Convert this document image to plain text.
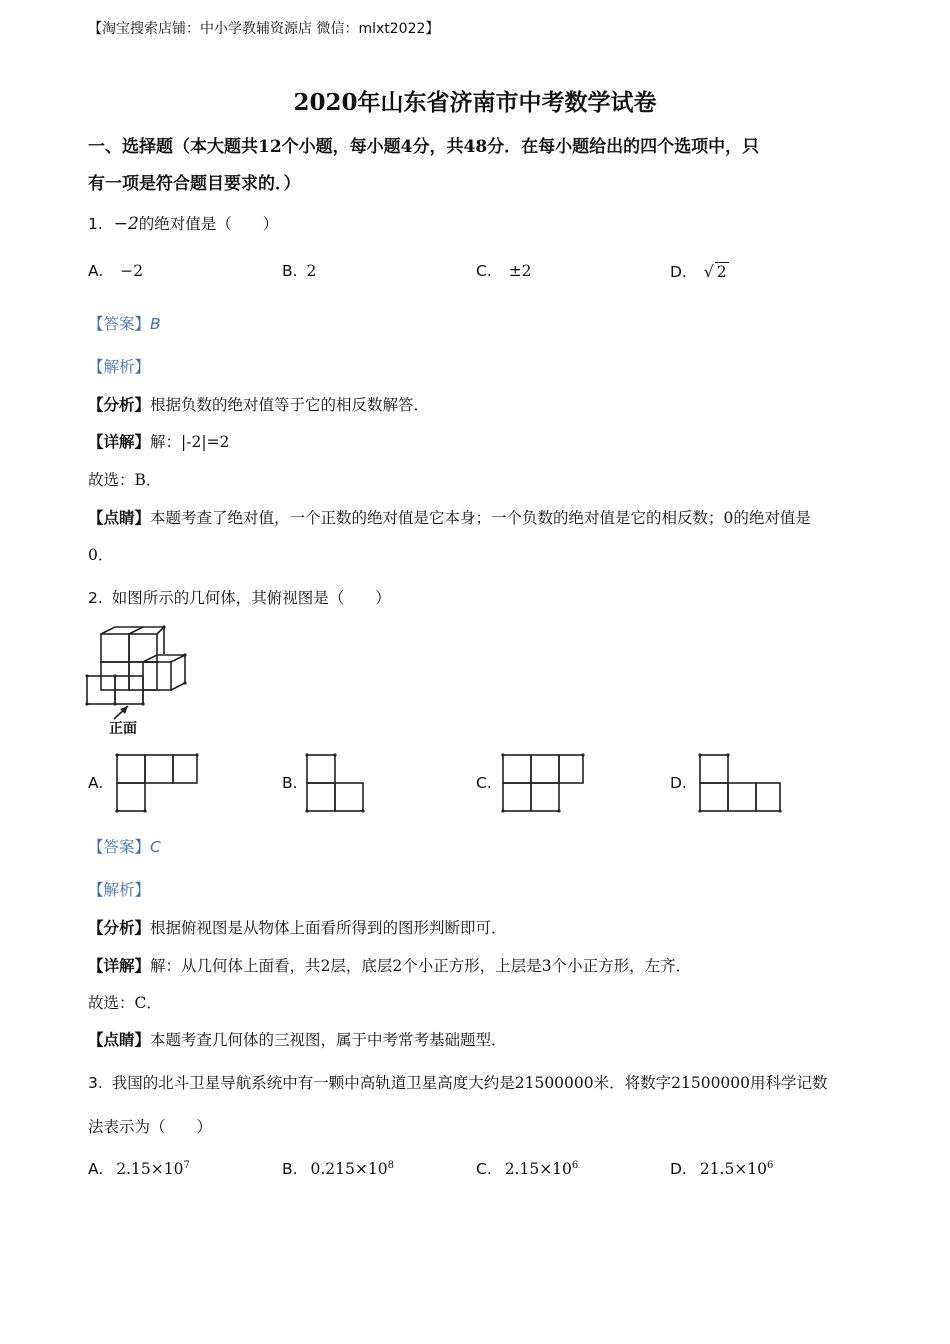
【淘宝搜索店铺：中小学教辅资源店 微信：mlxt2022】
2020年山东省济南市中考数学试卷
一、选择题（本大题共12个小题，每小题4分，共48分．在每小题给出的四个选项中，只
有一项是符合题目要求的．）
1. −2的绝对值是（　　）
A. −2	B. 2	C. ±2	D. √ 2
【答案】B
【解析】
【分析】根据负数的绝对值等于它的相反数解答．
【详解】解：|-2|=2
故选：B．
【点睛】本题考查了绝对值，一个正数的绝对值是它本身；一个负数的绝对值是它的相反数；0的绝对值是
0．
2. 如图所示的几何体，其俯视图是（　　）
正面
A.	B.	C.	D.
【答案】C
【解析】
【分析】根据俯视图是从物体上面看所得到的图形判断即可．
【详解】解：从几何体上面看，共2层，底层2个小正方形，上层是3个小正方形，左齐．
故选：C．
【点睛】本题考查几何体的三视图，属于中考常考基础题型．
3. 我国的北斗卫星导航系统中有一颗中高轨道卫星高度大约是21500000米．将数字21500000用科学记数
法表示为（　　）
A. $2.15\times 10^7$	B. $0.215\times 10^8$	C. $2.15\times 10^6$	D. $21.5\times 10^6$
